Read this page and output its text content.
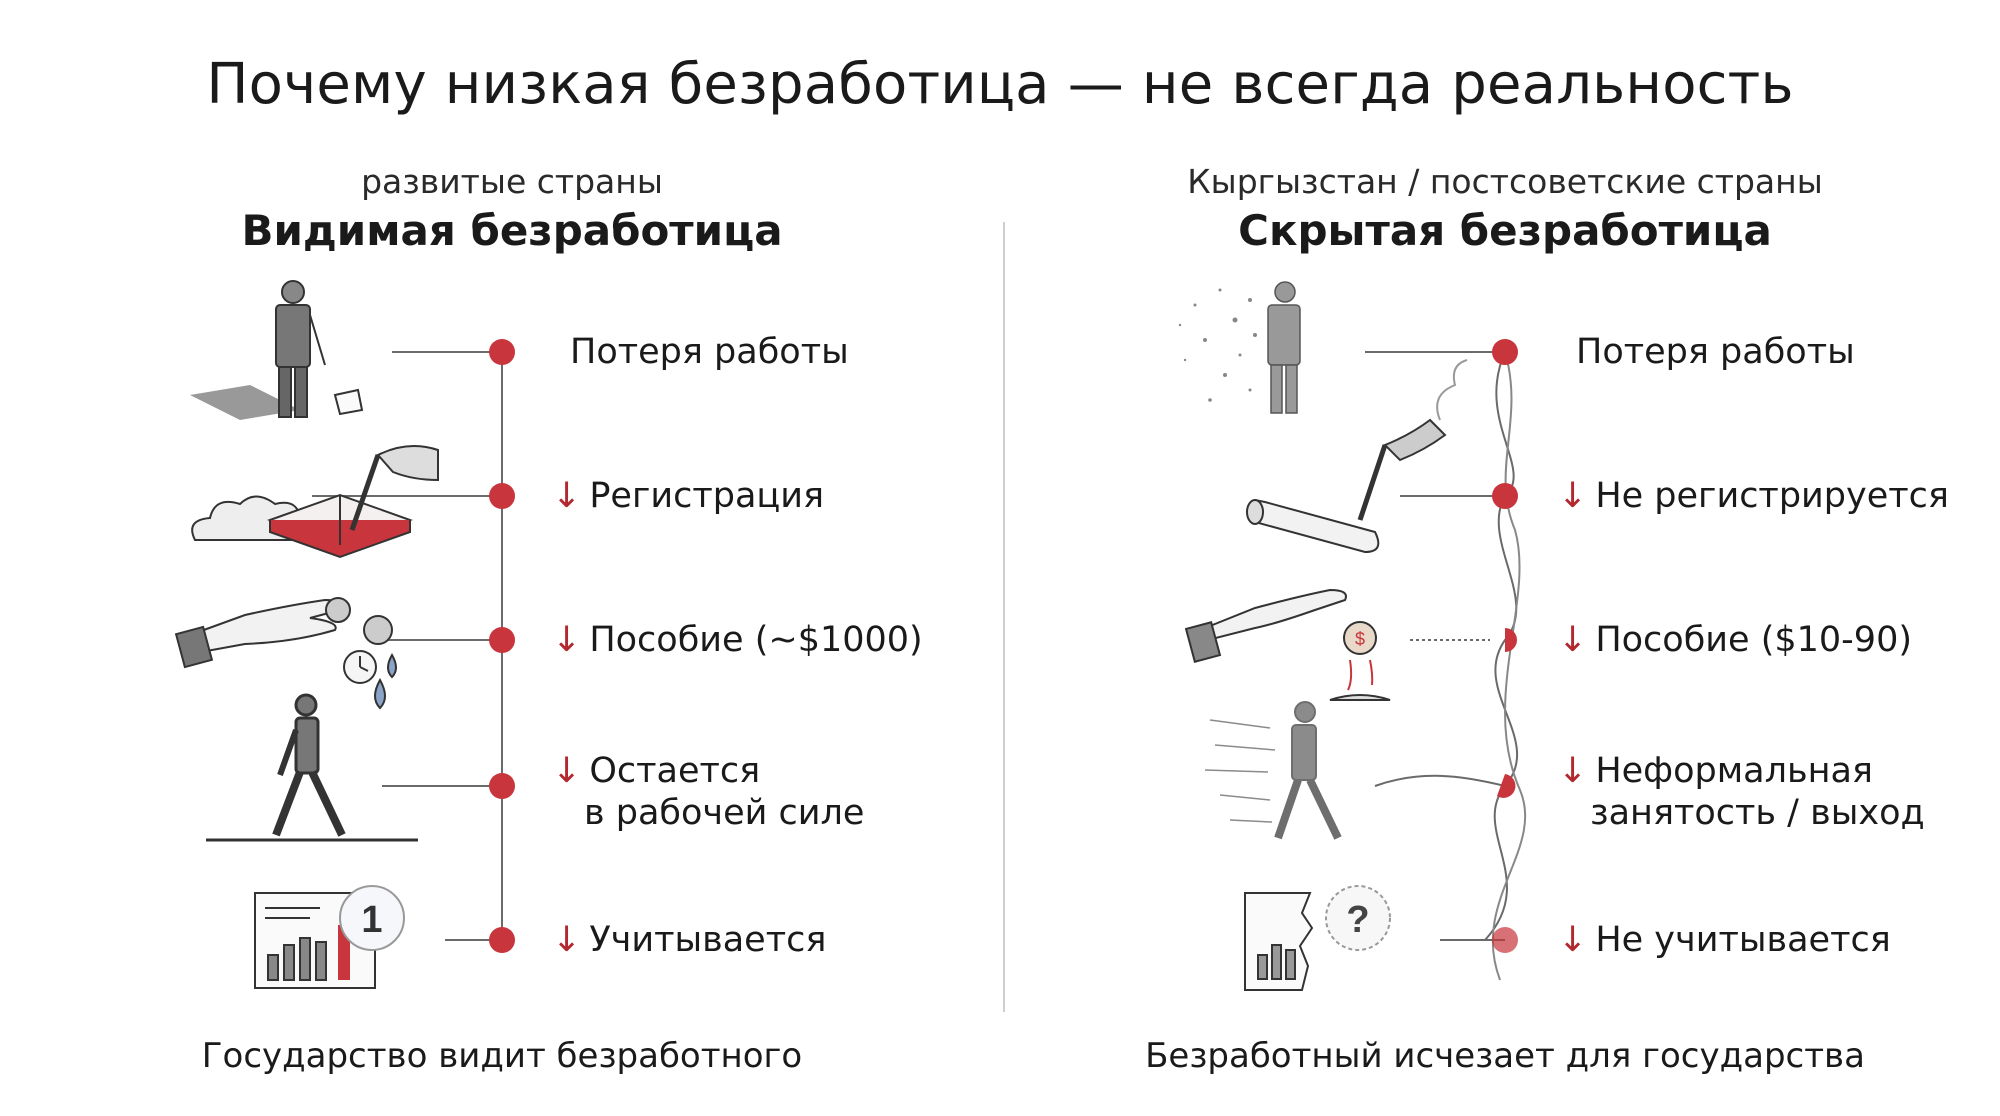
Почему низкая безработица — не всегда реальность
развитые страны
Видимая безработица
Кыргызстан / постсоветские страны
Скрытая безработица
1
$
?
Потеря работы
↓ Регистрация
↓ Пособие (~$1000)
↓ Остается
в рабочей силе
↓ Учитывается
Потеря работы
↓ Не регистрируется
↓ Пособие ($10-90)
↓ Неформальная
занятость / выход
↓ Не учитывается
Государство видит безработного	Безработный исчезает для государства
